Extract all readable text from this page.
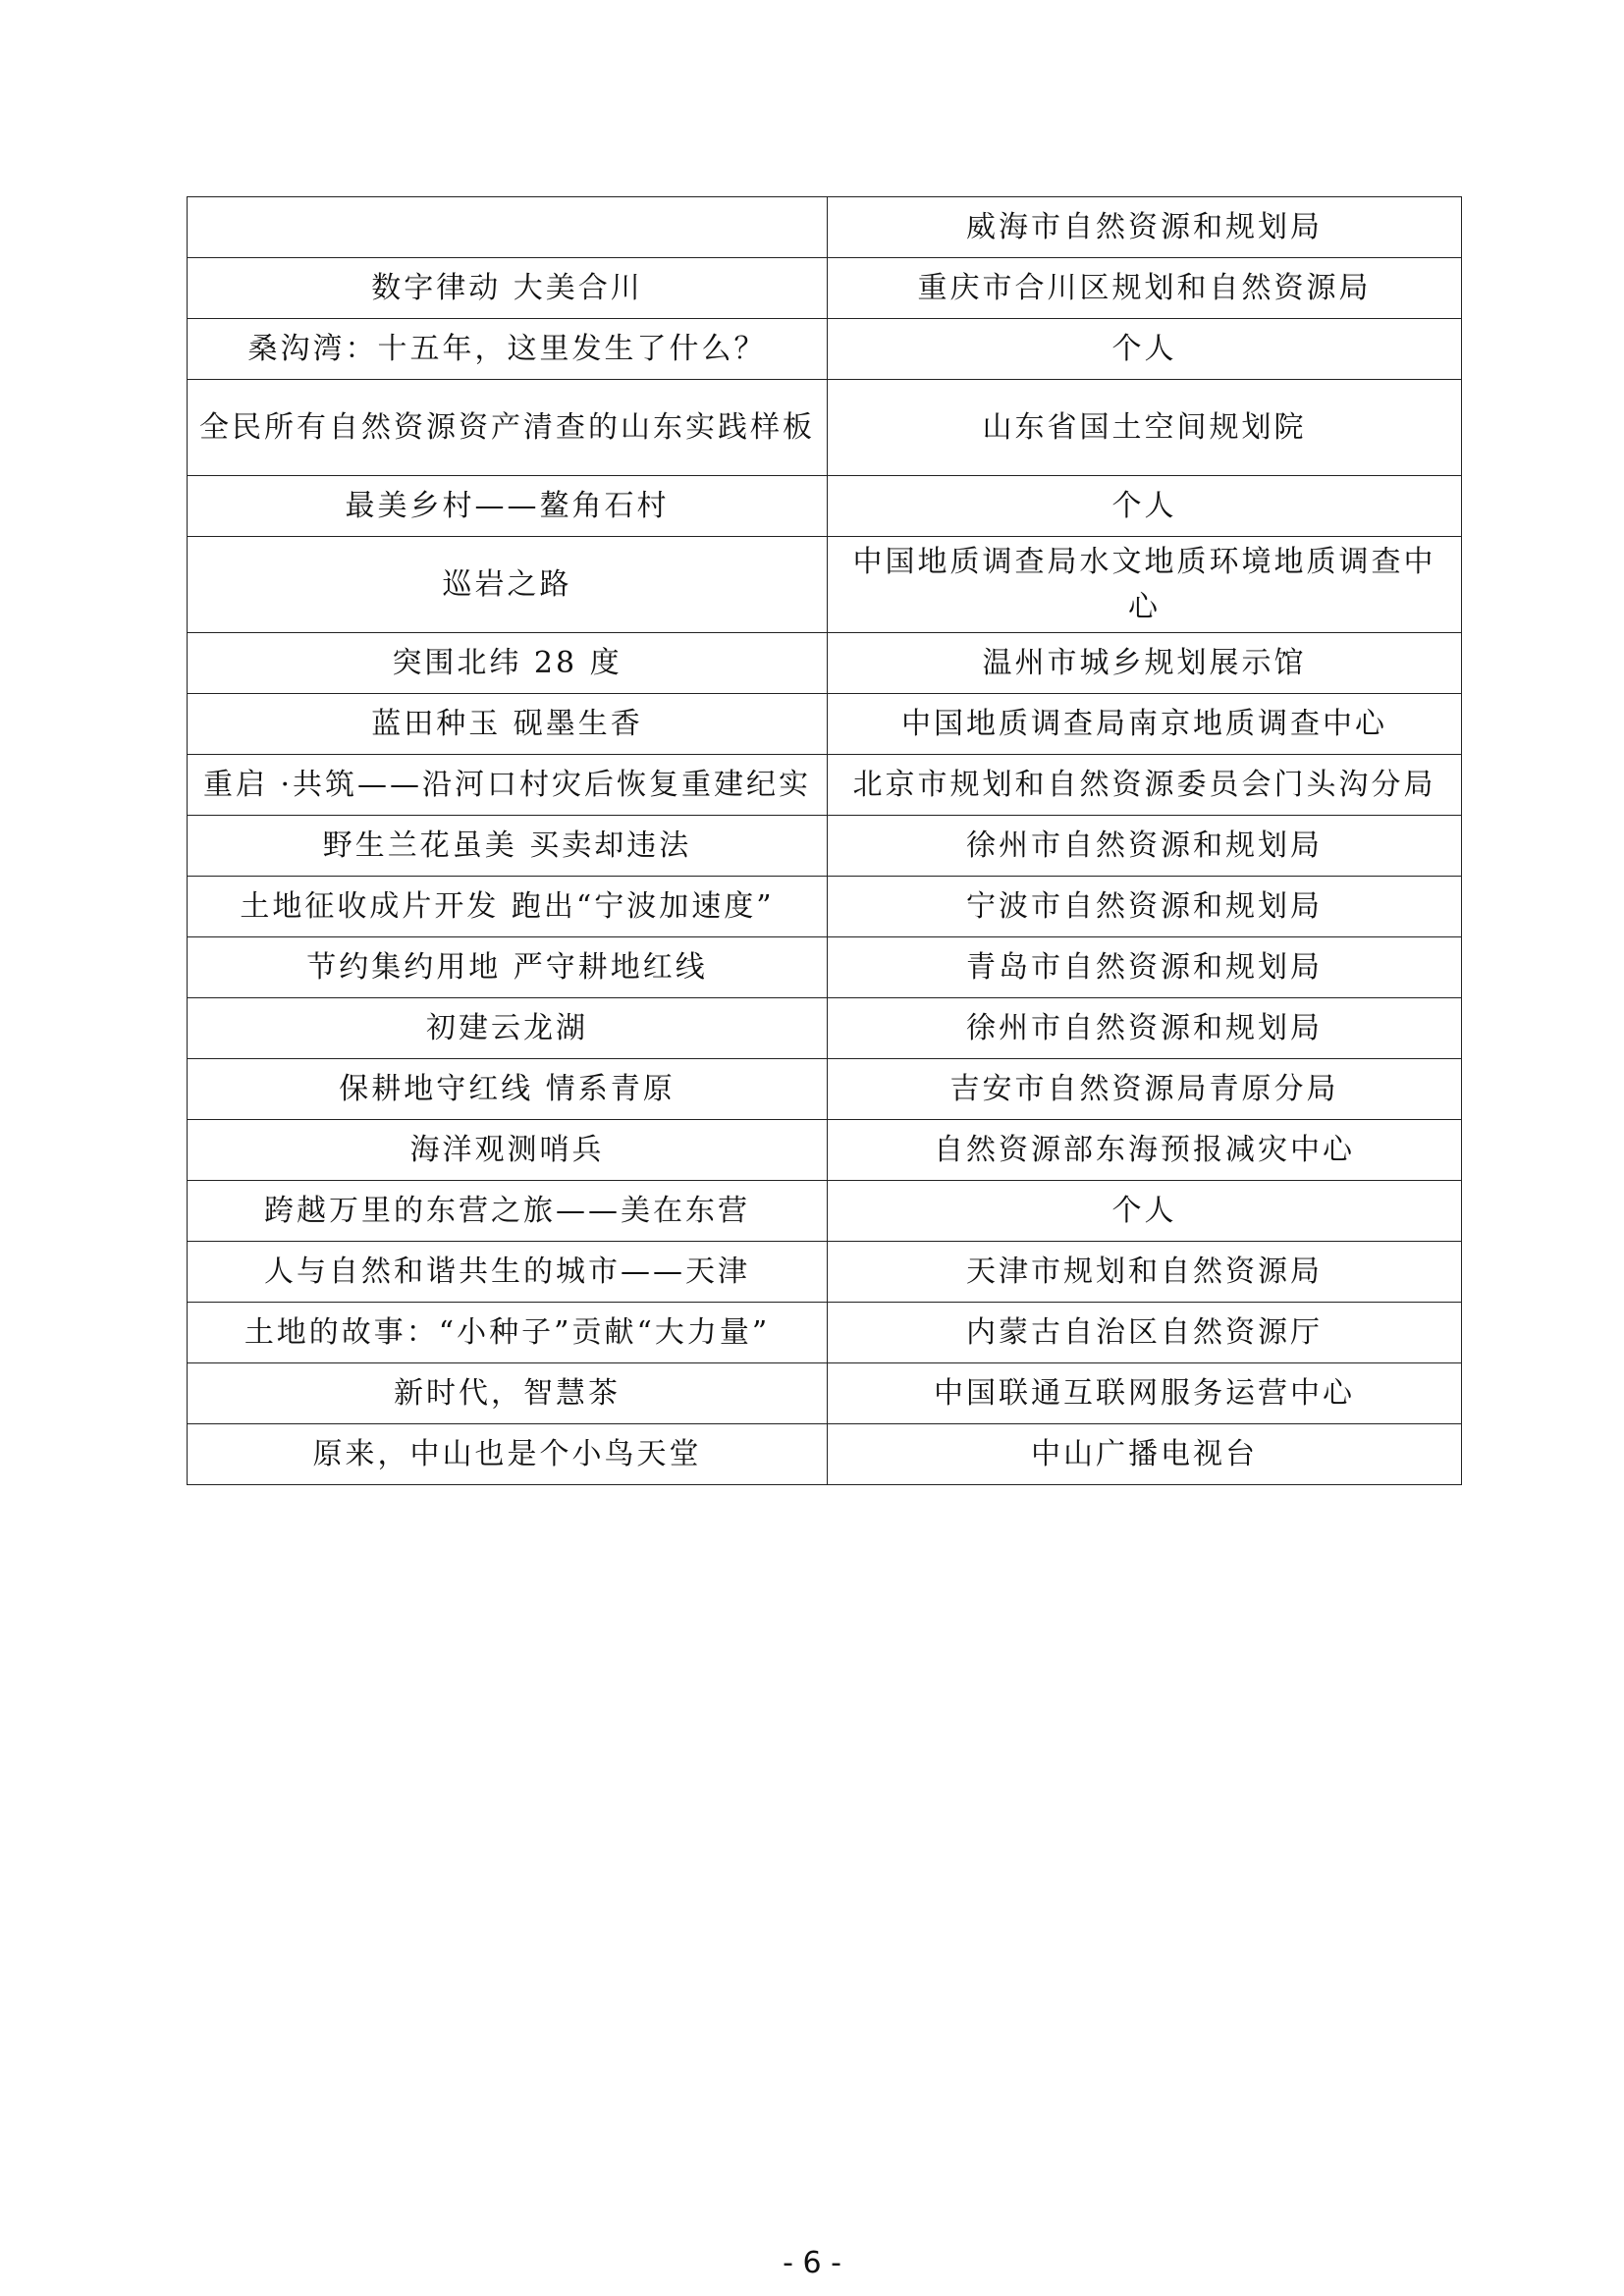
	威海市自然资源和规划局
数字律动 大美合川	重庆市合川区规划和自然资源局
桑沟湾：十五年，这里发生了什么？	个人
全民所有自然资源资产清查的山东实践样板	山东省国土空间规划院
最美乡村——鳌角石村	个人
巡岩之路	中国地质调查局水文地质环境地质调查中心
突围北纬 28 度	温州市城乡规划展示馆
蓝田种玉 砚墨生香	中国地质调查局南京地质调查中心
重启 ·共筑——沿河口村灾后恢复重建纪实	北京市规划和自然资源委员会门头沟分局
野生兰花虽美 买卖却违法	徐州市自然资源和规划局
土地征收成片开发 跑出“宁波加速度”	宁波市自然资源和规划局
节约集约用地 严守耕地红线	青岛市自然资源和规划局
初建云龙湖	徐州市自然资源和规划局
保耕地守红线 情系青原	吉安市自然资源局青原分局
海洋观测哨兵	自然资源部东海预报减灾中心
跨越万里的东营之旅——美在东营	个人
人与自然和谐共生的城市——天津	天津市规划和自然资源局
土地的故事：“小种子”贡献“大力量”	内蒙古自治区自然资源厅
新时代，智慧茶	中国联通互联网服务运营中心
原来，中山也是个小鸟天堂	中山广播电视台
- 6 -
